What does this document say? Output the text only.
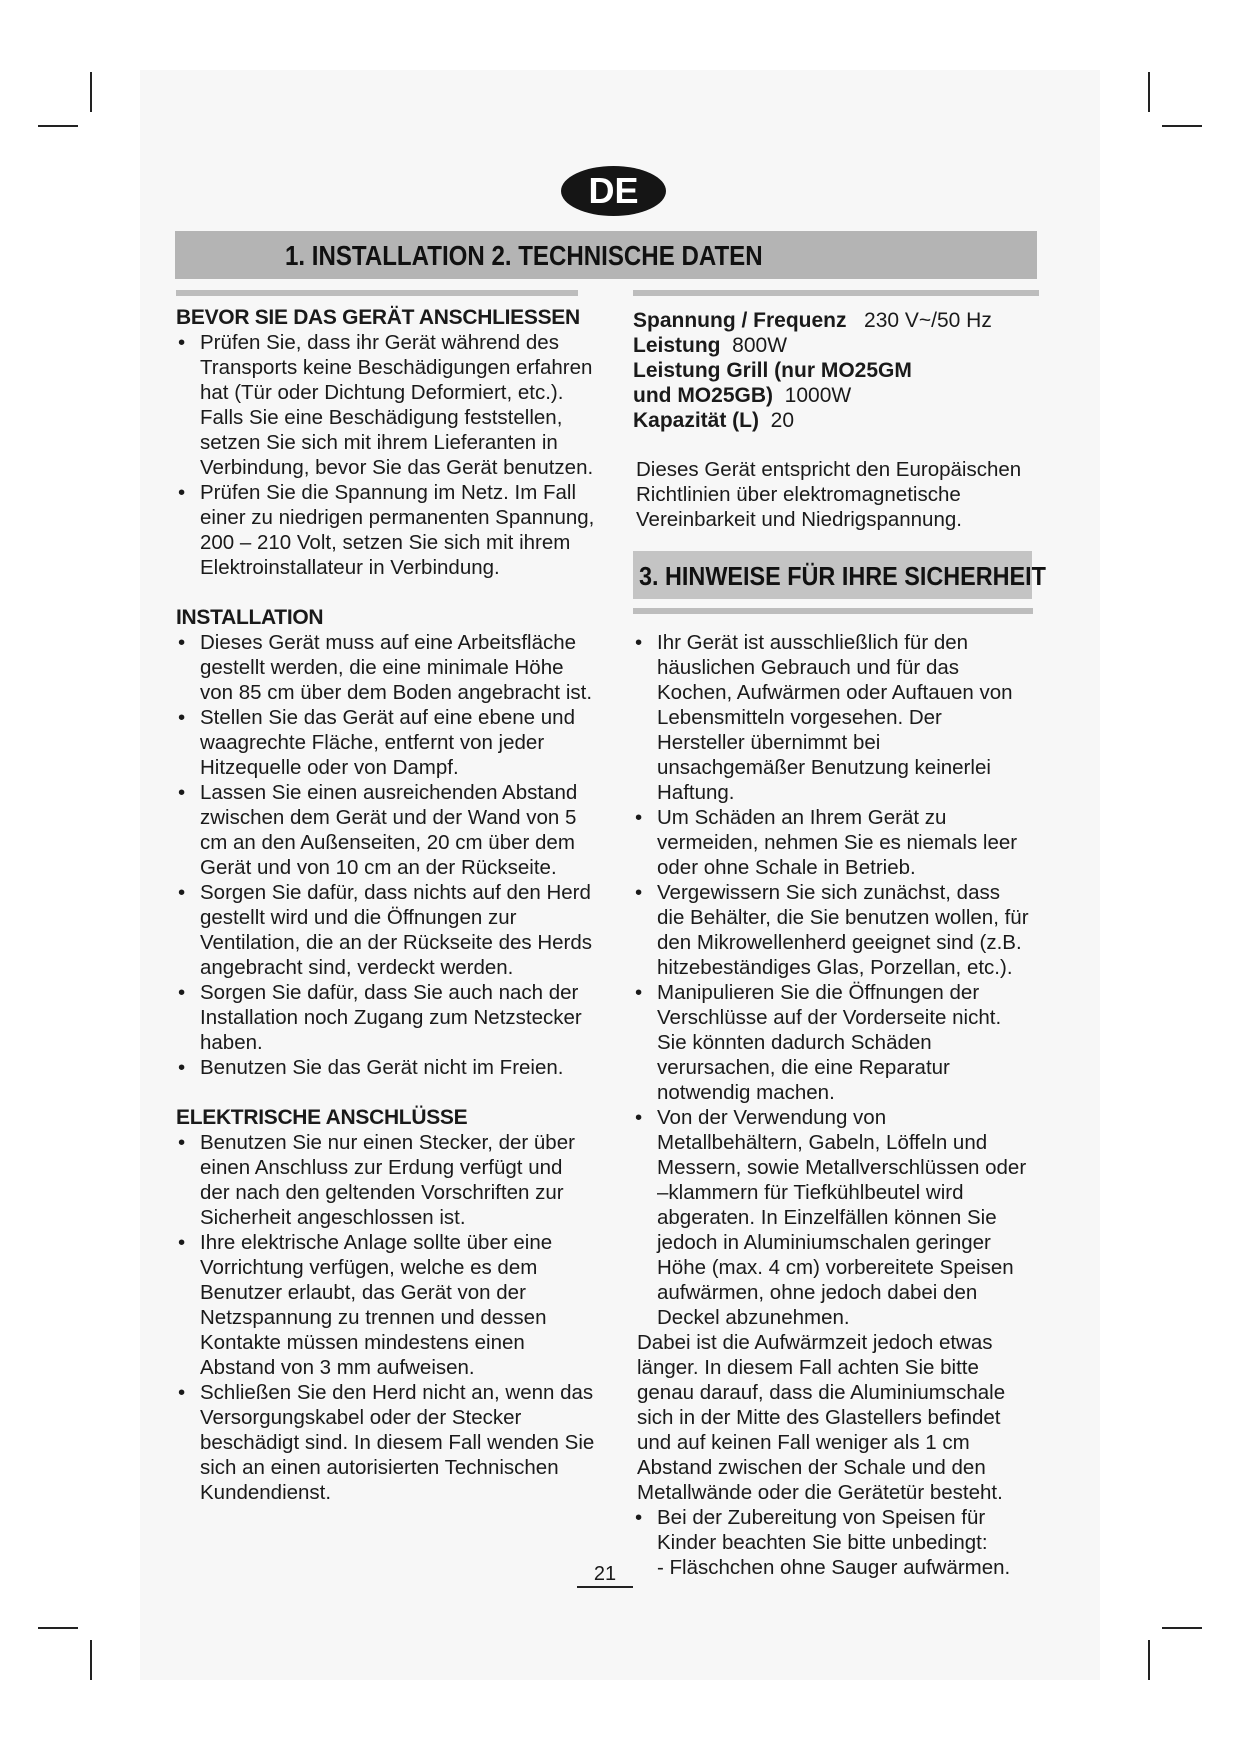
DE
1. INSTALLATION 2. TECHNISCHE DATEN
BEVOR SIE DAS GERÄT ANSCHLIESSEN
• Prüfen Sie, dass ihr Gerät während des Transports keine Beschädigungen erfahren hat (Tür oder Dichtung Deformiert, etc.). Falls Sie eine Beschädigung feststellen, setzen Sie sich mit ihrem Lieferanten in Verbindung, bevor Sie das Gerät benutzen.
• Prüfen Sie die Spannung im Netz. Im Fall einer zu niedrigen permanenten Spannung, 200 – 210 Volt, setzen Sie sich mit ihrem Elektroinstallateur in Verbindung.
INSTALLATION
• Dieses Gerät muss auf eine Arbeitsfläche gestellt werden, die eine minimale Höhe von 85 cm über dem Boden angebracht ist.
• Stellen Sie das Gerät auf eine ebene und waagrechte Fläche, entfernt von jeder Hitzequelle oder von Dampf.
• Lassen Sie einen ausreichenden Abstand zwischen dem Gerät und der Wand von 5 cm an den Außenseiten, 20 cm über dem Gerät und von 10 cm an der Rückseite.
• Sorgen Sie dafür, dass nichts auf den Herd gestellt wird und die Öffnungen zur Ventilation, die an der Rückseite des Herds angebracht sind, verdeckt werden.
• Sorgen Sie dafür, dass Sie auch nach der Installation noch Zugang zum Netzstecker haben.
• Benutzen Sie das Gerät nicht im Freien.
ELEKTRISCHE ANSCHLÜSSE
• Benutzen Sie nur einen Stecker, der über einen Anschluss zur Erdung verfügt und der nach den geltenden Vorschriften zur Sicherheit angeschlossen ist.
• Ihre elektrische Anlage sollte über eine Vorrichtung verfügen, welche es dem Benutzer erlaubt, das Gerät von der Netzspannung zu trennen und dessen Kontakte müssen mindestens einen Abstand von 3 mm aufweisen.
• Schließen Sie den Herd nicht an, wenn das Versorgungskabel oder der Stecker beschädigt sind. In diesem Fall wenden Sie sich an einen autorisierten Technischen Kundendienst.
Spannung / Frequenz 230 V~/50 Hz
Leistung 800W
Leistung Grill (nur MO25GM
und MO25GB) 1000W
Kapazität (L) 20
Dieses Gerät entspricht den Europäischen Richtlinien über elektromagnetische Vereinbarkeit und Niedrigspannung.
3. HINWEISE FÜR IHRE SICHERHEIT
• Ihr Gerät ist ausschließlich für den häuslichen Gebrauch und für das Kochen, Aufwärmen oder Auftauen von Lebensmitteln vorgesehen. Der Hersteller übernimmt bei unsachgemäßer Benutzung keinerlei Haftung.
• Um Schäden an Ihrem Gerät zu vermeiden, nehmen Sie es niemals leer oder ohne Schale in Betrieb.
• Vergewissern Sie sich zunächst, dass die Behälter, die Sie benutzen wollen, für den Mikrowellenherd geeignet sind (z.B. hitzebeständiges Glas, Porzellan, etc.).
• Manipulieren Sie die Öffnungen der Verschlüsse auf der Vorderseite nicht. Sie könnten dadurch Schäden verursachen, die eine Reparatur notwendig machen.
• Von der Verwendung von Metallbehältern, Gabeln, Löffeln und Messern, sowie Metallverschlüssen oder –klammern für Tiefkühlbeutel wird abgeraten. In Einzelfällen können Sie jedoch in Aluminiumschalen geringer Höhe (max. 4 cm) vorbereitete Speisen aufwärmen, ohne jedoch dabei den Deckel abzunehmen.
Dabei ist die Aufwärmzeit jedoch etwas länger. In diesem Fall achten Sie bitte genau darauf, dass die Aluminiumschale sich in der Mitte des Glastellers befindet und auf keinen Fall weniger als 1 cm Abstand zwischen der Schale und den Metallwände oder die Gerätetür besteht.
• Bei der Zubereitung von Speisen für Kinder beachten Sie bitte unbedingt:
- Fläschchen ohne Sauger aufwärmen.
21
